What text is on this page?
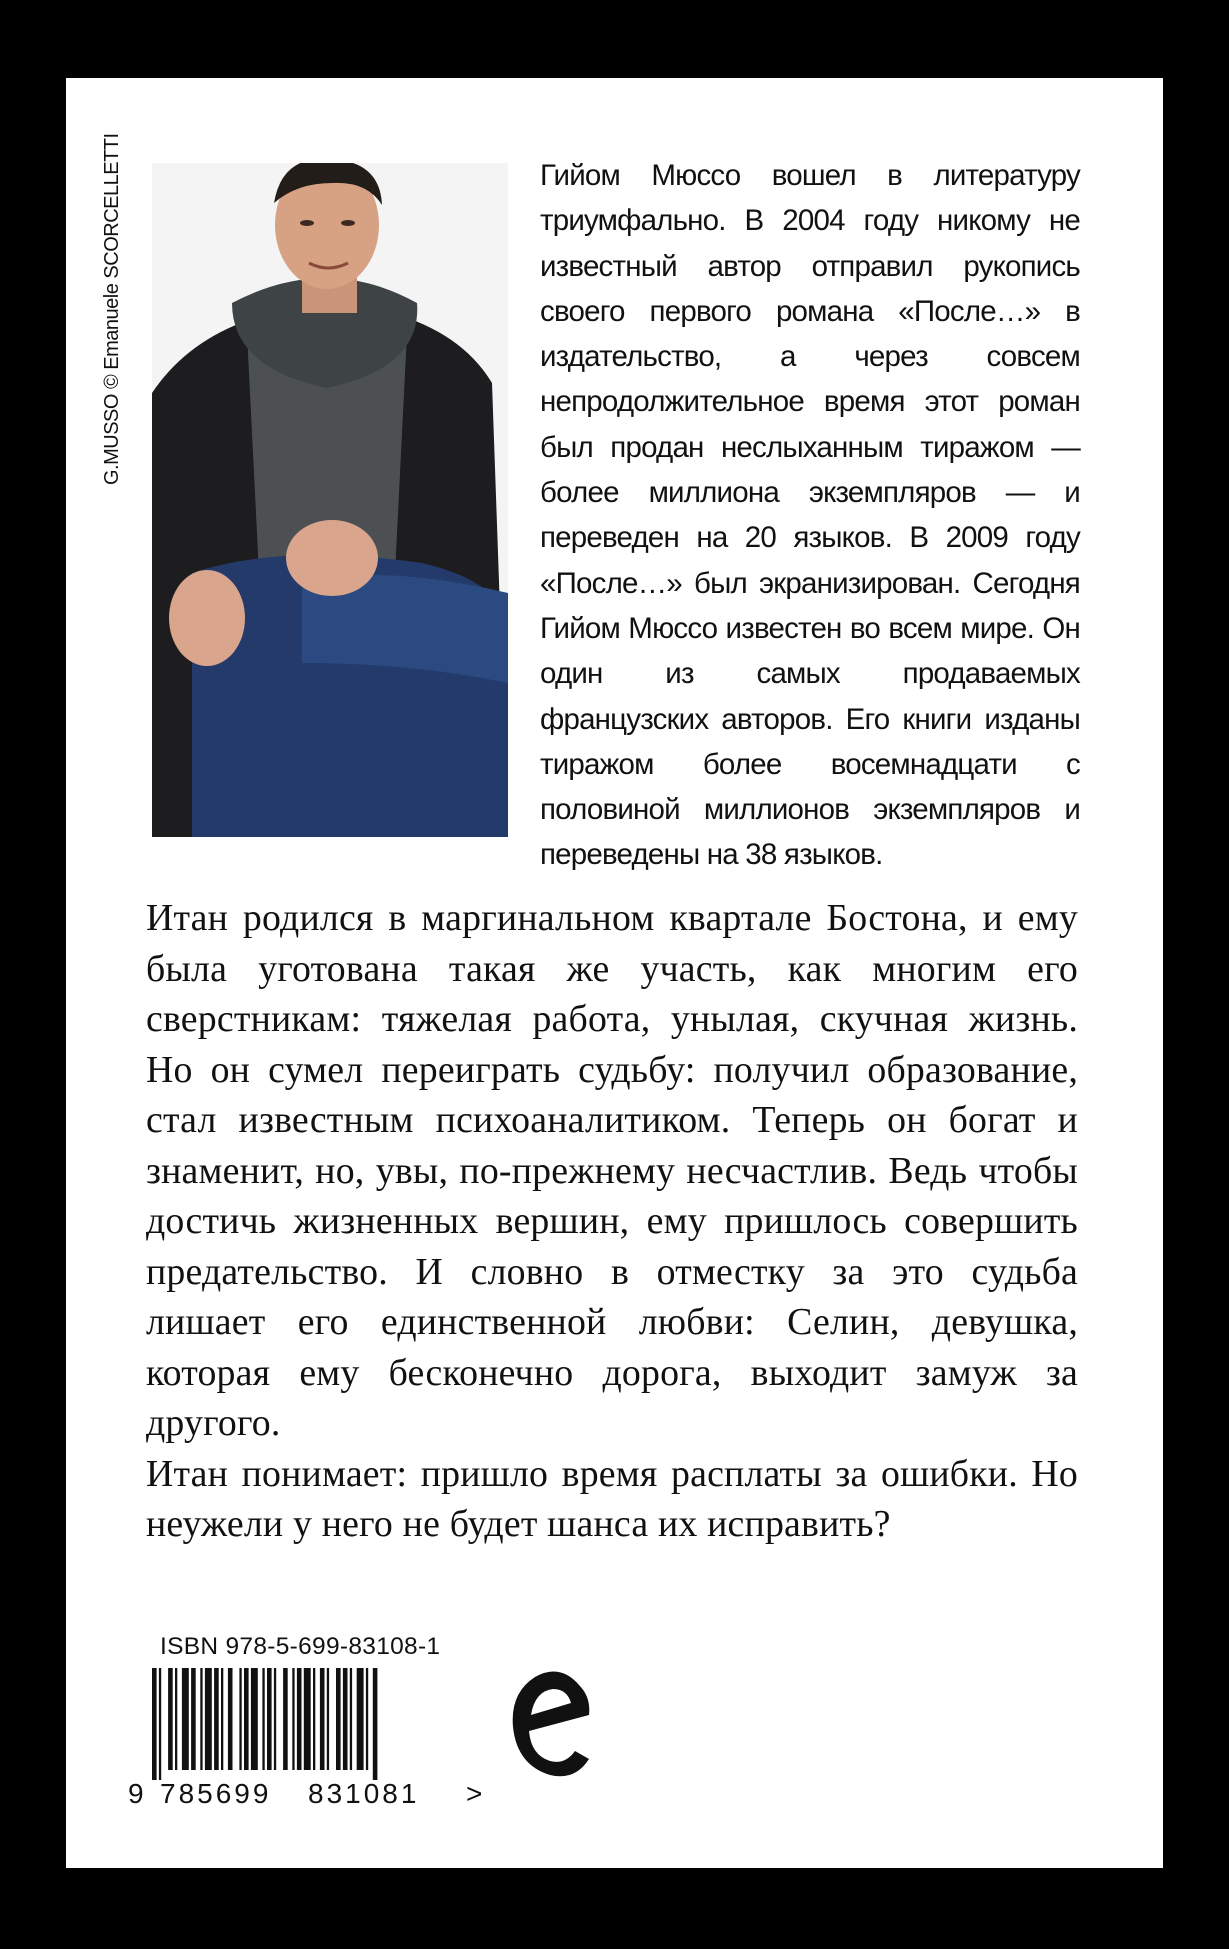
G.MUSSO © Emanuele SCORCELLETTI	Гийом Мюссо вошел в литературу триумфально. В 2004 году никому не известный автор отправил рукопись своего первого романа «После…» в издательство, а через совсем непродолжительное время этот роман был продан неслыханным тиражом — более миллиона экземпляров — и переведен на 20 языков. В 2009 году «После…» был экранизирован. Сегодня Гийом Мюссо известен во всем мире. Он один из самых продаваемых французских авторов. Его книги изданы тиражом более восемнадцати с половиной миллионов экземпляров и переведены на 38 языков.

Итан родился в маргинальном квартале Бостона, и ему была уготована такая же участь, как многим его сверстникам: тяжелая работа, унылая, скучная жизнь. Но он сумел переиграть судьбу: получил образование, стал известным психоаналитиком. Теперь он богат и знаменит, но, увы, по-прежнему несчастлив. Ведь чтобы достичь жизненных вершин, ему пришлось совершить предательство. И словно в отместку за это судьба лишает его единственной любви: Селин, девушка, которая ему бесконечно дорога, выходит замуж за другого.

Итан понимает: пришло время расплаты за ошибки. Но неужели у него не будет шанса их исправить?

ISBN 978-5-699-83108-1
9 785699 831081 >
